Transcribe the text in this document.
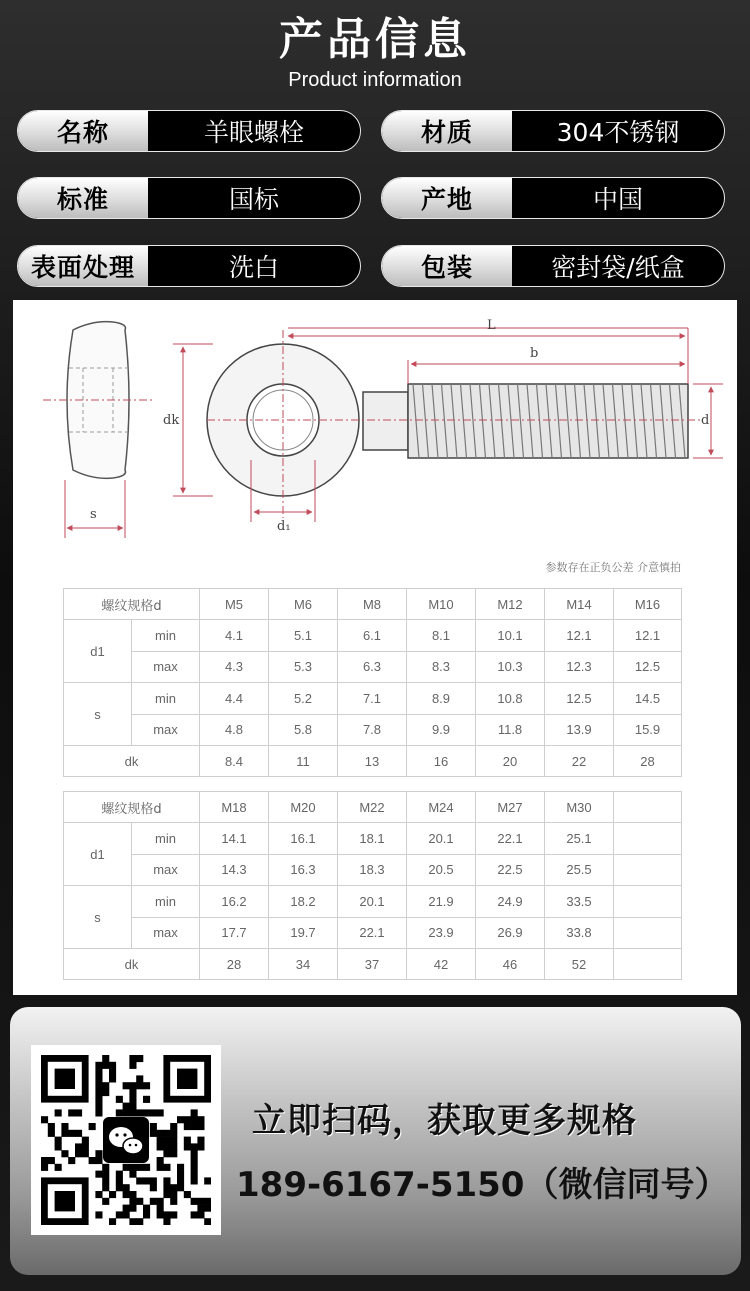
产品信息
Product information
名称	羊眼螺栓	材质	304不锈钢
标准	国标	产地	中国
表面处理	洗白	包装	密封袋/纸盒
s
L
b
dk	d
d₁
参数存在正负公差 介意慎拍
螺纹规格d		M5	M6	M8	M10	M12	M14	M16
d1	min	4.1	5.1	6.1	8.1	10.1	12.1	12.1
	max	4.3	5.3	6.3	8.3	10.3	12.3	12.5
s	min	4.4	5.2	7.1	8.9	10.8	12.5	14.5
	max	4.8	5.8	7.8	9.9	11.8	13.9	15.9
dk		8.4	11	13	16	20	22	28
螺纹规格d		M18	M20	M22	M24	M27	M30	
d1	min	14.1	16.1	18.1	20.1	22.1	25.1	
	max	14.3	16.3	18.3	20.5	22.5	25.5	
s	min	16.2	18.2	20.1	21.9	24.9	33.5	
	max	17.7	19.7	22.1	23.9	26.9	33.8	
dk		28	34	37	42	46	52	
立即扫码，获取更多规格
189-6167-5150（微信同号）
